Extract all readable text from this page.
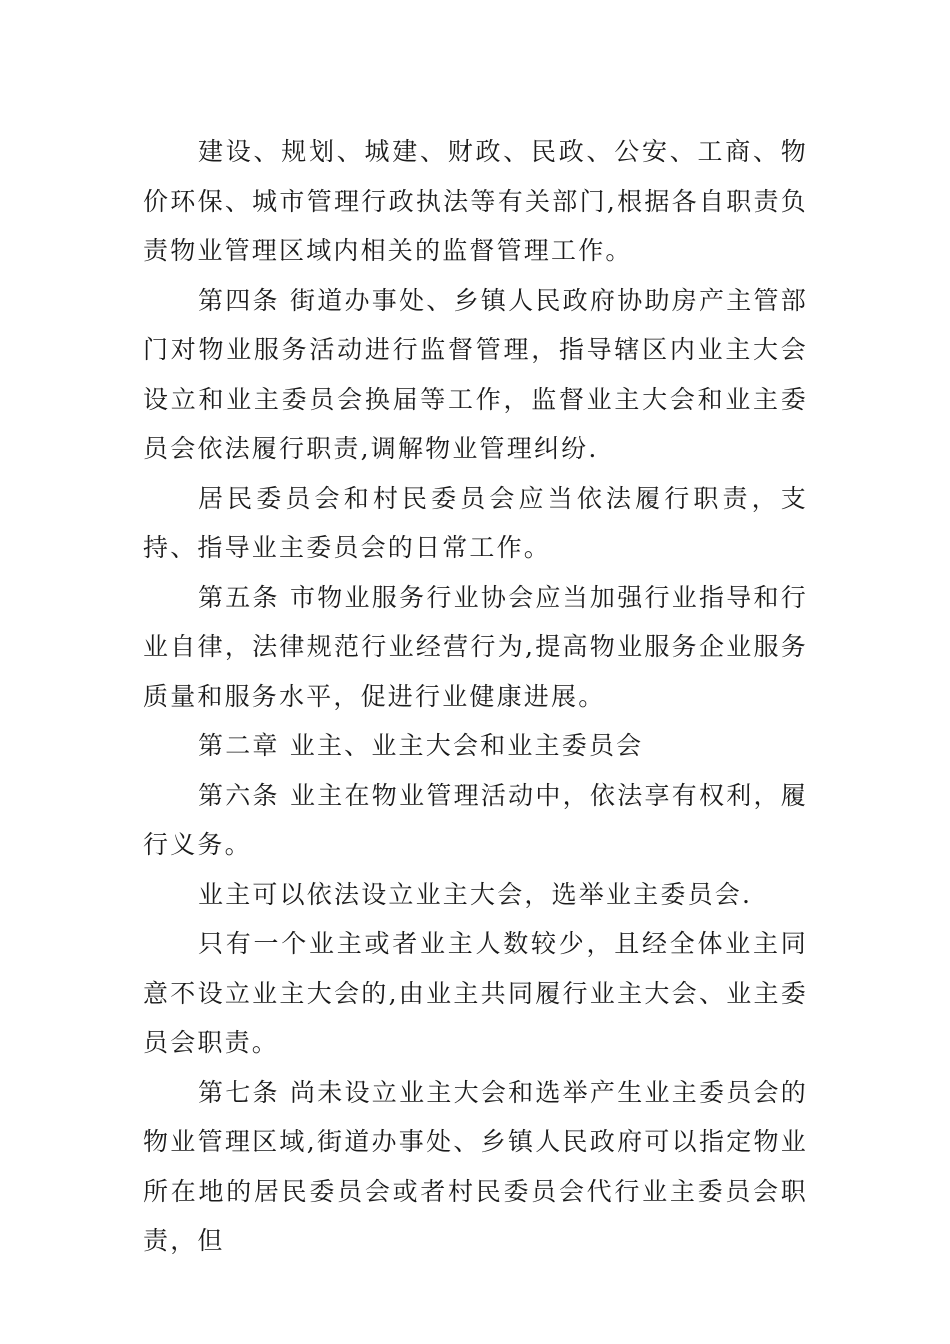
建设、规划、城建、财政、民政、公安、工商、物价环保、城市管理行政执法等有关部门,根据各自职责负责物业管理区域内相关的监督管理工作。

第四条 街道办事处、乡镇人民政府协助房产主管部门对物业服务活动进行监督管理，指导辖区内业主大会设立和业主委员会换届等工作，监督业主大会和业主委员会依法履行职责,调解物业管理纠纷.

居民委员会和村民委员会应当依法履行职责，支持、指导业主委员会的日常工作。

第五条 市物业服务行业协会应当加强行业指导和行业自律，法律规范行业经营行为,提高物业服务企业服务质量和服务水平，促进行业健康进展。

第二章 业主、业主大会和业主委员会

第六条 业主在物业管理活动中，依法享有权利，履行义务。

业主可以依法设立业主大会，选举业主委员会.

只有一个业主或者业主人数较少，且经全体业主同意不设立业主大会的,由业主共同履行业主大会、业主委员会职责。

第七条 尚未设立业主大会和选举产生业主委员会的物业管理区域,街道办事处、乡镇人民政府可以指定物业所在地的居民委员会或者村民委员会代行业主委员会职责，但
